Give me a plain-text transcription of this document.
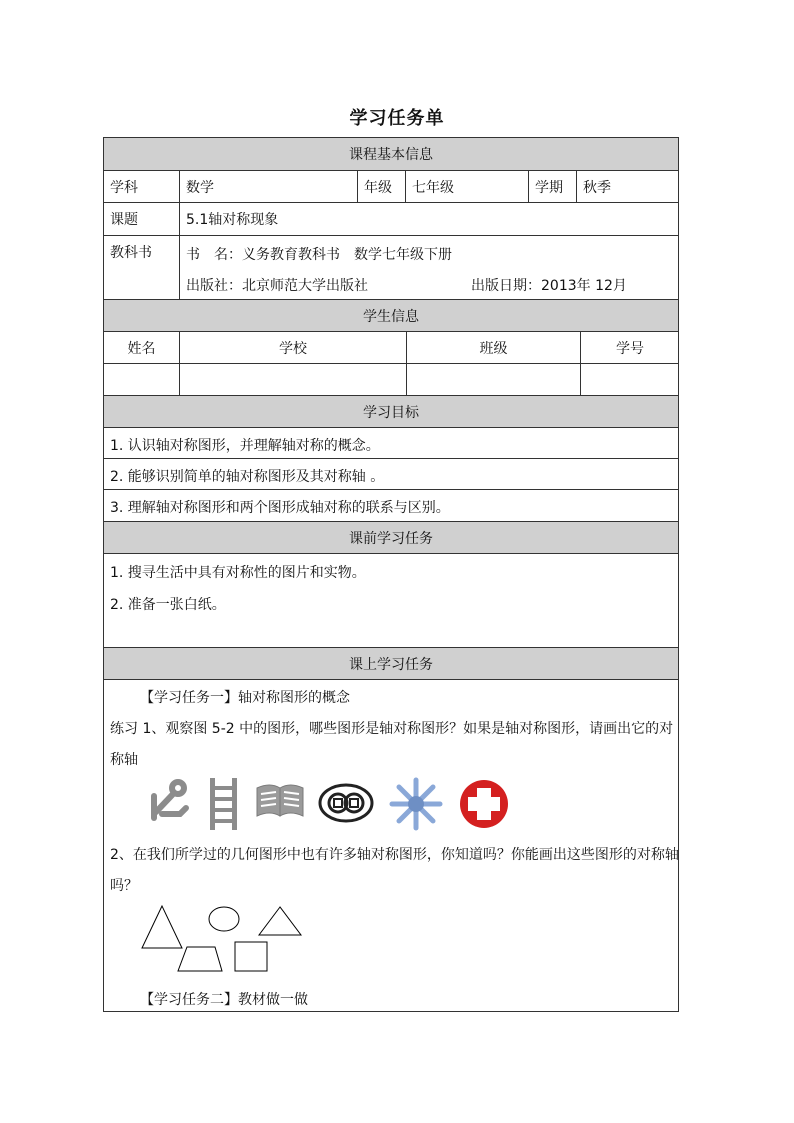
学习任务单
课程基本信息
学科	数学	年级 七年级	学期 秋季
课题	5.1轴对称现象
教科书 书　名：义务教育教科书　数学七年级下册
出版社：北京师范大学出版社	出版日期：2013年 12月
学生信息
姓名	学校	班级	学号
学习目标
1. 认识轴对称图形，并理解轴对称的概念。
2. 能够识别简单的轴对称图形及其对称轴 。
3. 理解轴对称图形和两个图形成轴对称的联系与区别。
课前学习任务
1. 搜寻生活中具有对称性的图片和实物。
2. 准备一张白纸。
课上学习任务
【学习任务一】轴对称图形的概念
练习 1、观察图 5-2 中的图形，哪些图形是轴对称图形？如果是轴对称图形，请画出它的对
称轴
2、在我们所学过的几何图形中也有许多轴对称图形，你知道吗？你能画出这些图形的对称轴
吗？
【学习任务二】教材做一做
